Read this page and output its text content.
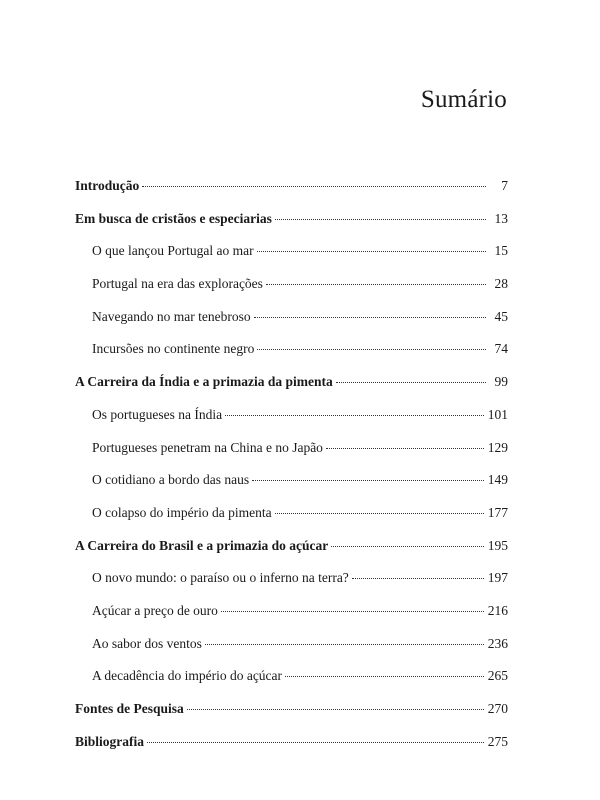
Sumário
Introdução	7
Em busca de cristãos e especiarias	13
O que lançou Portugal ao mar	15
Portugal na era das explorações	28
Navegando no mar tenebroso	45
Incursões no continente negro	74
A Carreira da Índia e a primazia da pimenta	99
Os portugueses na Índia	101
Portugueses penetram na China e no Japão	129
O cotidiano a bordo das naus	149
O colapso do império da pimenta	177
A Carreira do Brasil e a primazia do açúcar	195
O novo mundo: o paraíso ou o inferno na terra?	197
Açúcar a preço de ouro	216
Ao sabor dos ventos	236
A decadência do império do açúcar	265
Fontes de Pesquisa	270
Bibliografia	275
